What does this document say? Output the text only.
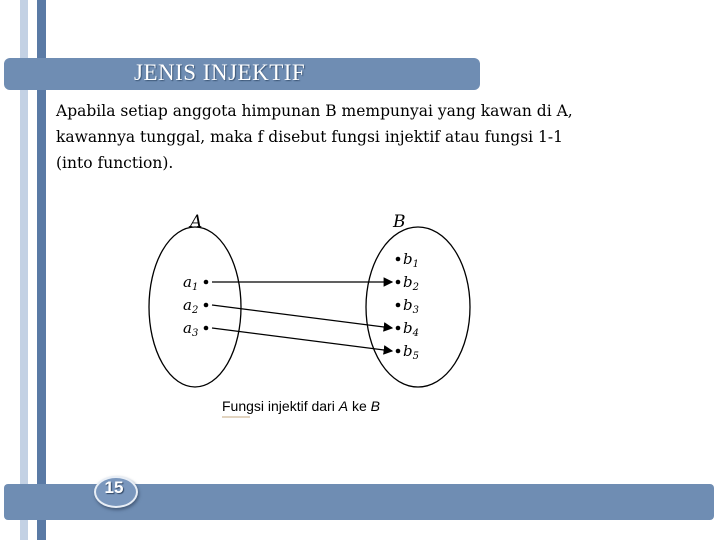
JENIS INJEKTIF
Apabila setiap anggota himpunan B mempunyai yang kawan di A,
kawannya tunggal, maka f disebut fungsi injektif atau fungsi 1-1
(into function).
A	B
$a_1$
$a_2$
$a_3$
$b_1$
$b_2$
$b_3$
$b_4$
$b_5$
Fungsi injektif dari A ke B
15
